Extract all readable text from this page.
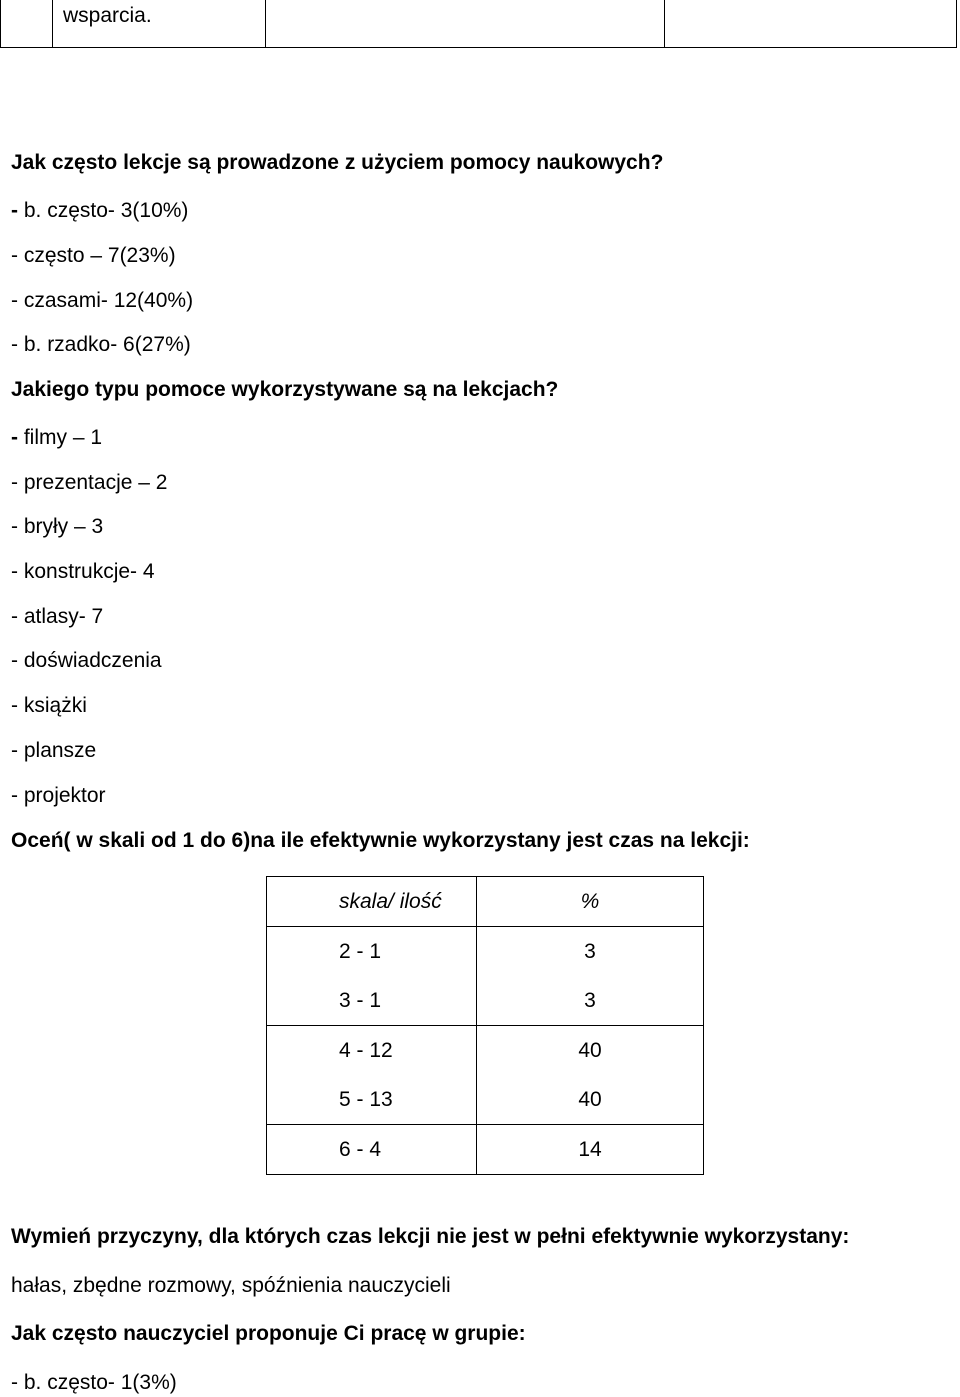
wsparcia.
Jak często lekcje są prowadzone z użyciem pomocy naukowych?
- b. często- 3(10%)
- często – 7(23%)
- czasami- 12(40%)
- b. rzadko- 6(27%)
Jakiego typu pomoce wykorzystywane są na lekcjach?
- filmy – 1
- prezentacje – 2
- bryły – 3
- konstrukcje- 4
- atlasy- 7
- doświadczenia
- książki
- plansze
- projektor
Oceń( w skali od 1 do 6)na ile efektywnie wykorzystany jest czas na lekcji:
skala/ ilość	%
2 - 1	3
3 - 1	3
4 - 12	40
5 - 13	40
6 - 4	14
Wymień przyczyny, dla których czas lekcji nie jest w pełni efektywnie wykorzystany:
hałas, zbędne rozmowy, spóźnienia nauczycieli
Jak często nauczyciel proponuje Ci pracę w grupie:
- b. często- 1(3%)
